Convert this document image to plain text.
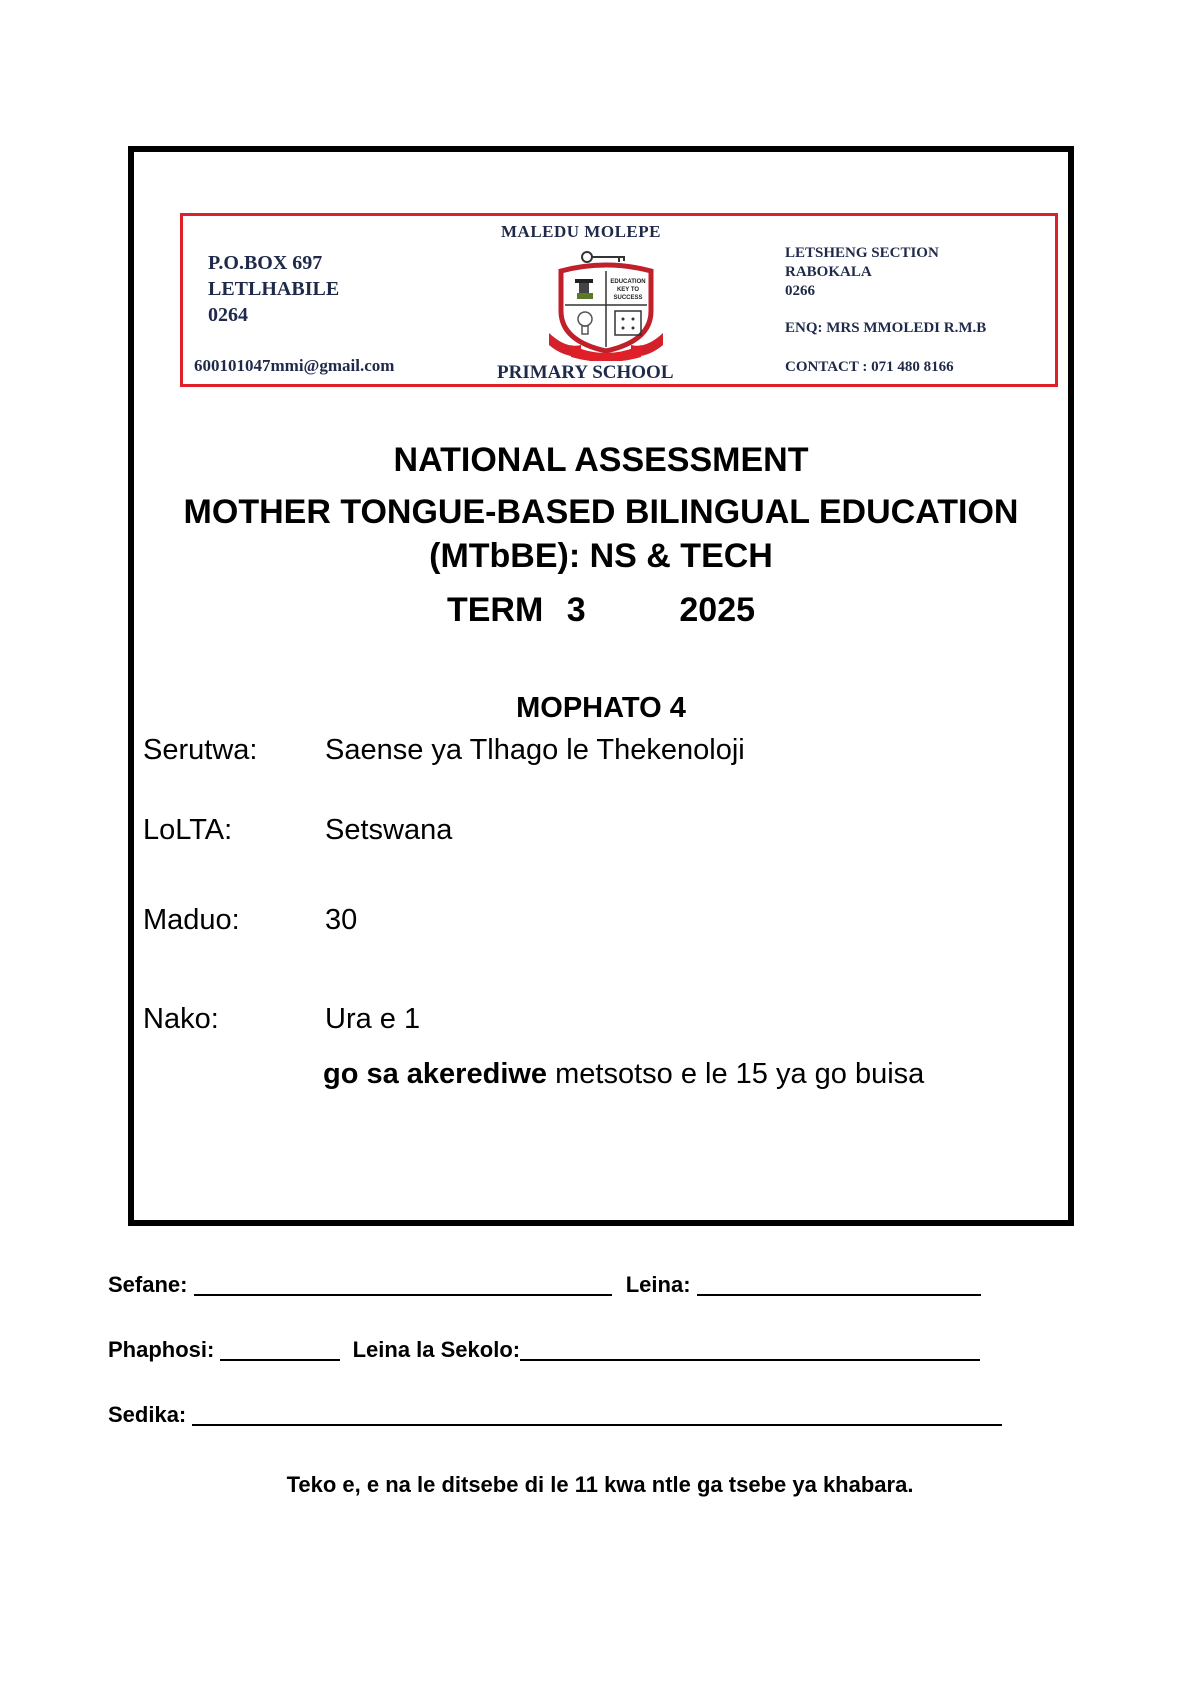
P.O.BOX 697
LETLHABILE
0264
600101047mmi@gmail.com
MALEDU MOLEPE
EDUCATION
KEY TO
SUCCESS
PRIMARY SCHOOL
LETSHENG SECTION
RABOKALA
0266
ENQ: MRS MMOLEDI R.M.B
CONTACT : 071 480 8166
NATIONAL ASSESSMENT
MOTHER TONGUE-BASED BILINGUAL EDUCATION
(MTbBE): NS & TECH
TERM 3    2025
MOPHATO 4
Serutwa: Saense ya Tlhago le Thekenoloji
LoLTA:	Setswana
Maduo:	30
Nako:	Ura e 1
go sa akerediwe metsotso e le 15 ya go buisa
Sefane:	Leina:
Phaphosi:	Leina la Sekolo:
Sedika:
Teko e, e na le ditsebe di le 11 kwa ntle ga tsebe ya khabara.
